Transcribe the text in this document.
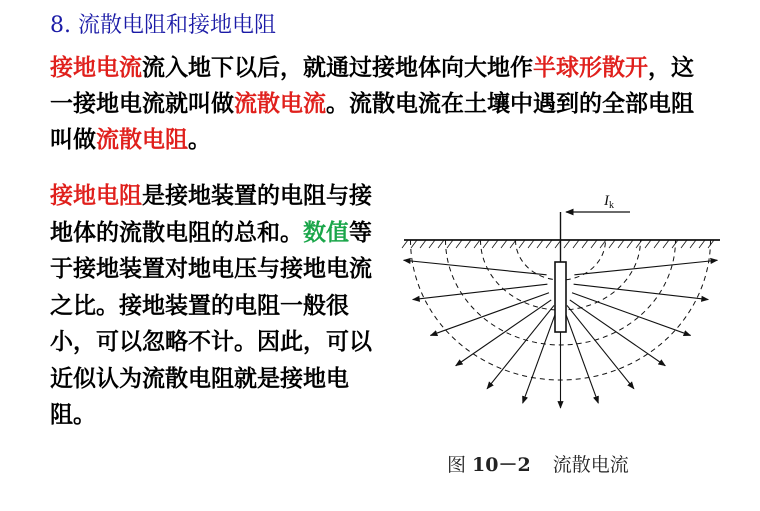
8. 流散电阻和接地电阻
接地电流流入地下以后，就通过接地体向大地作半球形散开，这一接地电流就叫做流散电流。流散电流在土壤中遇到的全部电阻叫做流散电阻。
接地电阻是接地装置的电阻与接地体的流散电阻的总和。数值等于接地装置对地电压与接地电流之比。接地装置的电阻一般很小，可以忽略不计。因此，可以近似认为流散电阻就是接地电阻。
$I_k$
图 10－2 流散电流
